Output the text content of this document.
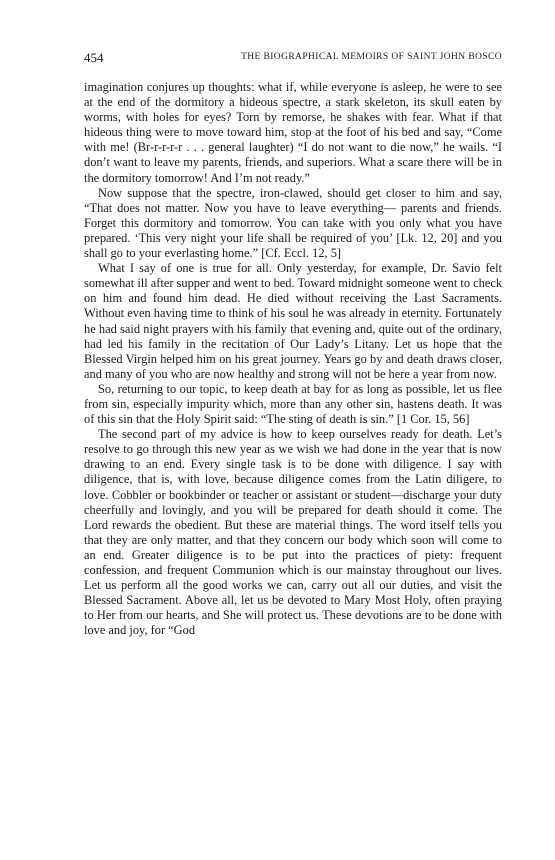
454	THE BIOGRAPHICAL MEMOIRS OF SAINT JOHN BOSCO

imagination conjures up thoughts: what if, while everyone is asleep, he were to see at the end of the dormitory a hideous spectre, a stark skeleton, its skull eaten by worms, with holes for eyes? Torn by remorse, he shakes with fear. What if that hideous thing were to move toward him, stop at the foot of his bed and say, “Come with me! (Br-r-r-r-r . . . general laughter) “I do not want to die now,” he wails. “I don’t want to leave my parents, friends, and superiors. What a scare there will be in the dormitory tomorrow! And I’m not ready.”

Now suppose that the spectre, iron-clawed, should get closer to him and say, “That does not matter. Now you have to leave everything— parents and friends. Forget this dormitory and tomorrow. You can take with you only what you have prepared. ‘This very night your life shall be required of you’ [Lk. 12, 20] and you shall go to your everlasting home.” [Cf. Eccl. 12, 5]

What I say of one is true for all. Only yesterday, for example, Dr. Savio felt somewhat ill after supper and went to bed. Toward midnight someone went to check on him and found him dead. He died without receiving the Last Sacraments. Without even having time to think of his soul he was already in eternity. Fortunately he had said night prayers with his family that evening and, quite out of the ordinary, had led his family in the recitation of Our Lady’s Litany. Let us hope that the Blessed Virgin helped him on his great journey. Years go by and death draws closer, and many of you who are now healthy and strong will not be here a year from now.

So, returning to our topic, to keep death at bay for as long as possible, let us flee from sin, especially impurity which, more than any other sin, hastens death. It was of this sin that the Holy Spirit said: “The sting of death is sin.” [1 Cor. 15, 56]

The second part of my advice is how to keep ourselves ready for death. Let’s resolve to go through this new year as we wish we had done in the year that is now drawing to an end. Every single task is to be done with diligence. I say with diligence, that is, with love, because diligence comes from the Latin diligere, to love. Cobbler or bookbinder or teacher or assistant or student—discharge your duty cheerfully and lovingly, and you will be prepared for death should it come. The Lord rewards the obedient. But these are material things. The word itself tells you that they are only matter, and that they concern our body which soon will come to an end. Greater diligence is to be put into the practices of piety: frequent confession, and frequent Communion which is our mainstay throughout our lives. Let us perform all the good works we can, carry out all our duties, and visit the Blessed Sacrament. Above all, let us be devoted to Mary Most Holy, often praying to Her from our hearts, and She will protect us. These devotions are to be done with love and joy, for “God
